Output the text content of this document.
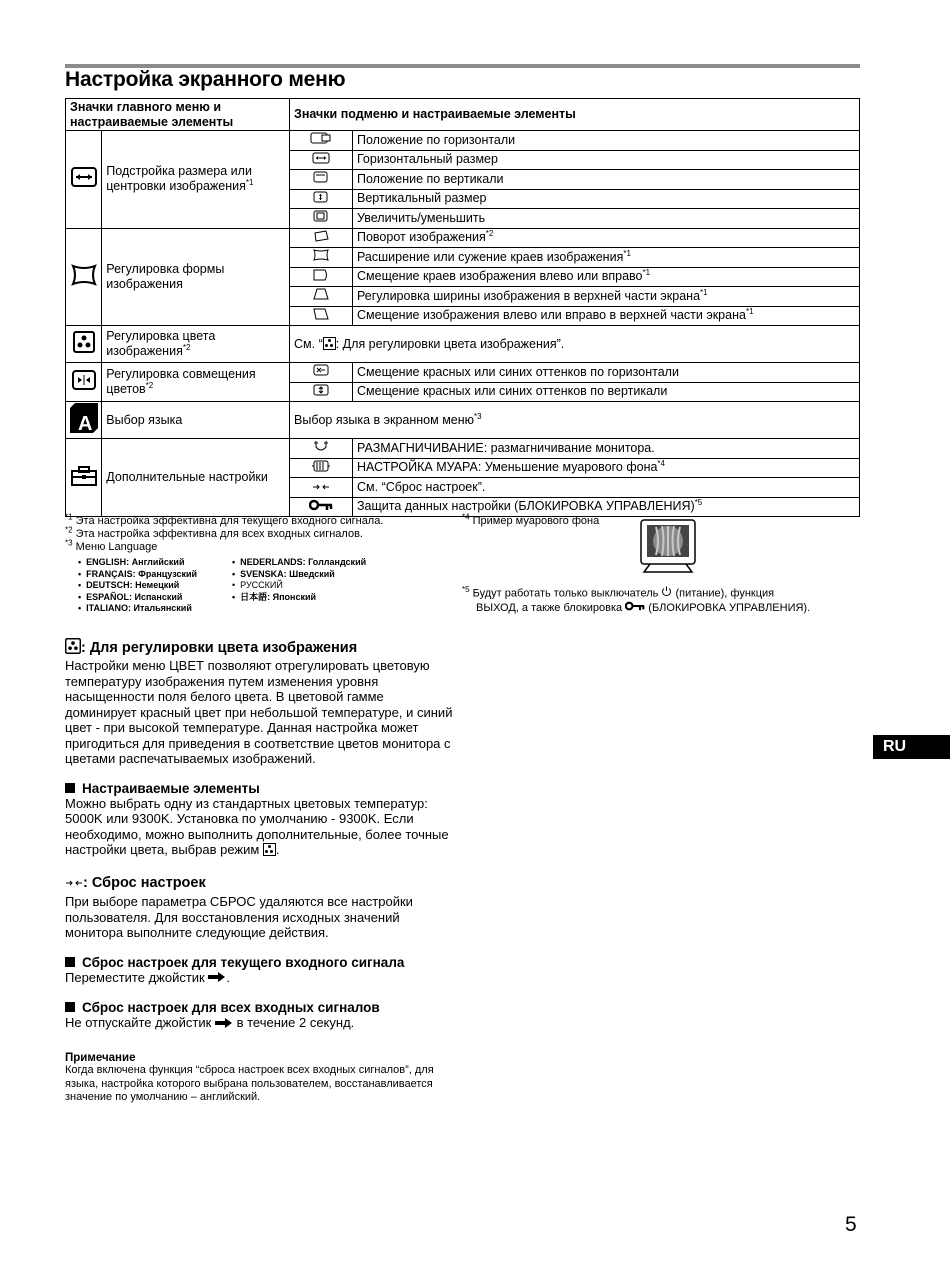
Настройка экранного меню
Значки главного меню и настраиваемые элементы		Значки подменю и настраиваемые элементы	
	Подстройка размера или центровки изображения$^{*1}$		Положение по горизонтали
	Горизонтальный размер
	Положение по вертикали
	Вертикальный размер
	Увеличить/уменьшить
	Регулировка формы изображения		Поворот изображения$^{*2}$
	Расширение или сужение краев изображения$^{*1}$
	Смещение краев изображения влево или вправо$^{*1}$
	Регулировка ширины изображения в верхней части экрана$^{*1}$
	Смещение изображения влево или вправо в верхней части экрана$^{*1}$
	Регулировка цвета изображения$^{*2}$	См. “ : Для регулировки цвета изображения”.	
	Регулировка совмещения цветов$^{*2}$		Смещение красных или синих оттенков по горизонтали
	Смещение красных или синих оттенков по вертикали

A	Выбор языка	Выбор языка в экранном меню$^{*3}$
	Дополнительные настройки		РАЗМАГНИЧИВАНИЕ: размагничивание монитора.
	НАСТРОЙКА МУАРА: Уменьшение муарового фона$^{*4}$
	См. “Сброс настроек”.
	Защита данных настройки (БЛОКИРОВКА УПРАВЛЕНИЯ)$^{*5}$
$^{*1}$ Эта настройка эффективна для текущего входного сигнала.
$^{*2}$ Эта настройка эффективна для всех входных сигналов.
$^{*3}$ Меню Language
• ENGLISH: Английский
• FRANÇAIS: Французский
• DEUTSCH: Немецкий
• ESPAÑOL: Испанский
• ITALIANO: Итальянский
• NEDERLANDS: Голландский
• SVENSKA: Шведский
• РУССКИЙ
• 日本語: Японский
$^{*4}$ Пример муарового фона
$^{*5}$ Будут работать только выключатель (питание), функция
ВЫХОД, а также блокировка (БЛОКИРОВКА УПРАВЛЕНИЯ).

: Для регулировки цвета изображения

Настройки меню ЦВЕТ позволяют отрегулировать цветовую температуру изображения путем изменения уровня насыщенности поля белого цвета. В цветовой гамме доминирует красный цвет при небольшой температуре, и синий цвет - при высокой температуре. Данная настройка может пригодиться для приведения в соответствие цветов монитора с цветами распечатываемых изображений.

Настраиваемые элементы

Можно выбрать одну из стандартных цветовых температур: 5000K или 9300K. Установка по умолчанию - 9300K. Если необходимо, можно выполнить дополнительные, более точные настройки цвета, выбрав режим .

: Сброс настроек

При выборе параметра СБРОС удаляются все настройки пользователя. Для восстановления исходных значений монитора выполните следующие действия.

Сброс настроек для текущего входного сигнала

Переместите джойстик .

Сброс настроек для всех входных сигналов

Не отпускайте джойстик в течение 2 секунд.
Примечание
Когда включена функция “сброса настроек всех входных сигналов”, для языка, настройка которого выбрана пользователем, восстанавливается значение по умолчанию – английский.
RU
5
